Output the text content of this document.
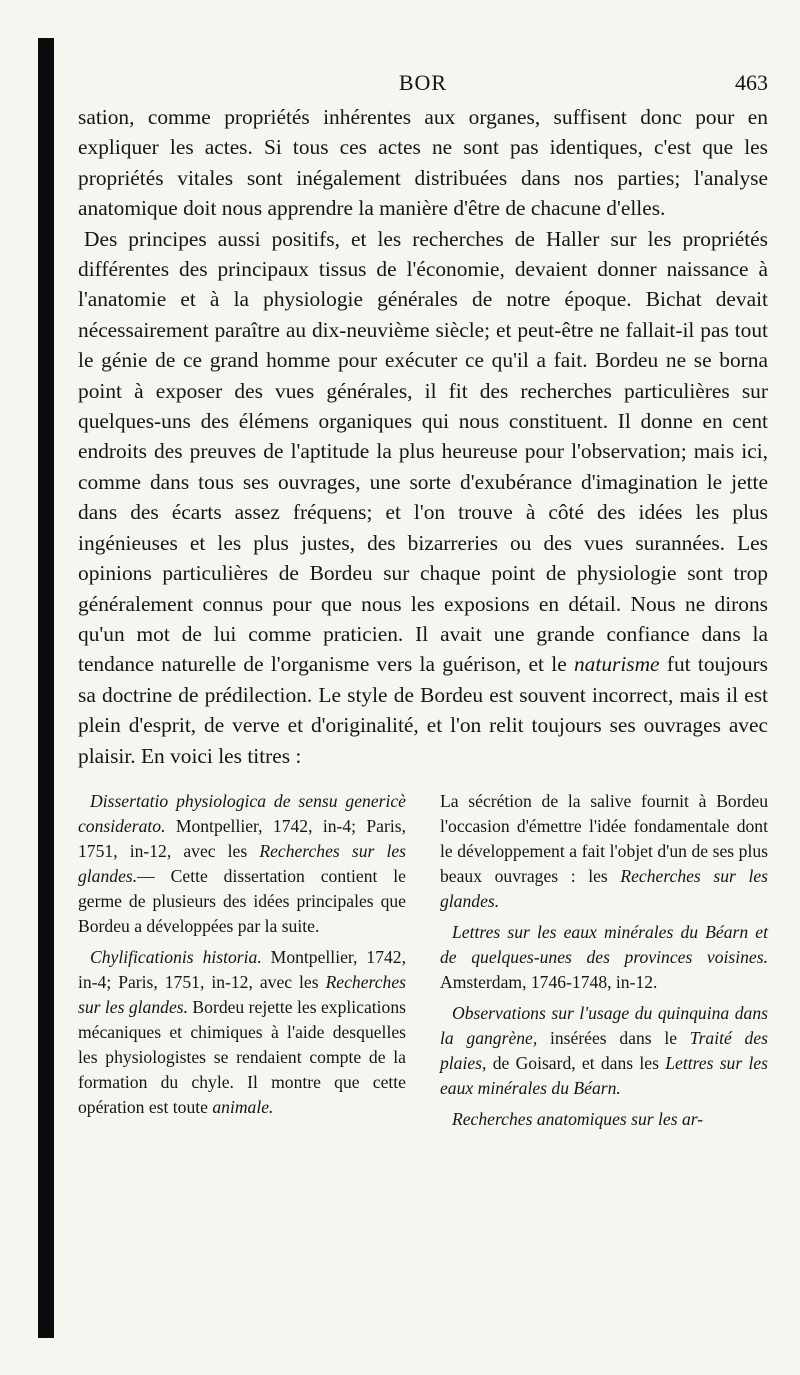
BOR	463

sation, comme propriétés inhérentes aux organes, suffisent donc pour en expliquer les actes. Si tous ces actes ne sont pas identiques, c'est que les propriétés vitales sont inégalement distribuées dans nos parties; l'analyse anatomique doit nous apprendre la manière d'être de chacune d'elles.

Des principes aussi positifs, et les recherches de Haller sur les propriétés différentes des principaux tissus de l'économie, devaient donner naissance à l'anatomie et à la physiologie générales de notre époque. Bichat devait nécessairement paraître au dix-neuvième siècle; et peut-être ne fallait-il pas tout le génie de ce grand homme pour exécuter ce qu'il a fait. Bordeu ne se borna point à exposer des vues générales, il fit des recherches particulières sur quelques-uns des élémens organiques qui nous constituent. Il donne en cent endroits des preuves de l'aptitude la plus heureuse pour l'observation; mais ici, comme dans tous ses ouvrages, une sorte d'exubérance d'imagination le jette dans des écarts assez fréquens; et l'on trouve à côté des idées les plus ingénieuses et les plus justes, des bizarreries ou des vues surannées. Les opinions particulières de Bordeu sur chaque point de physiologie sont trop généralement connus pour que nous les exposions en détail. Nous ne dirons qu'un mot de lui comme praticien. Il avait une grande confiance dans la tendance naturelle de l'organisme vers la guérison, et le naturisme fut toujours sa doctrine de prédilection. Le style de Bordeu est souvent incorrect, mais il est plein d'esprit, de verve et d'originalité, et l'on relit toujours ses ouvrages avec plaisir. En voici les titres :

Dissertatio physiologica de sensu genericè considerato. Montpellier, 1742, in-4; Paris, 1751, in-12, avec les Recherches sur les glandes.— Cette dissertation contient le germe de plusieurs des idées principales que Bordeu a développées par la suite.

Chylificationis historia. Montpellier, 1742, in-4; Paris, 1751, in-12, avec les Recherches sur les glandes. Bordeu rejette les explications mécaniques et chimiques à l'aide desquelles les physiologistes se rendaient compte de la formation du chyle. Il montre que cette opération est toute animale.

La sécrétion de la salive fournit à Bordeu l'occasion d'émettre l'idée fondamentale dont le développement a fait l'objet d'un de ses plus beaux ouvrages : les Recherches sur les glandes.

Lettres sur les eaux minérales du Béarn et de quelques-unes des provinces voisines. Amsterdam, 1746-1748, in-12.

Observations sur l'usage du quinquina dans la gangrène, insérées dans le Traité des plaies, de Goisard, et dans les Lettres sur les eaux minérales du Béarn.

Recherches anatomiques sur les ar-
